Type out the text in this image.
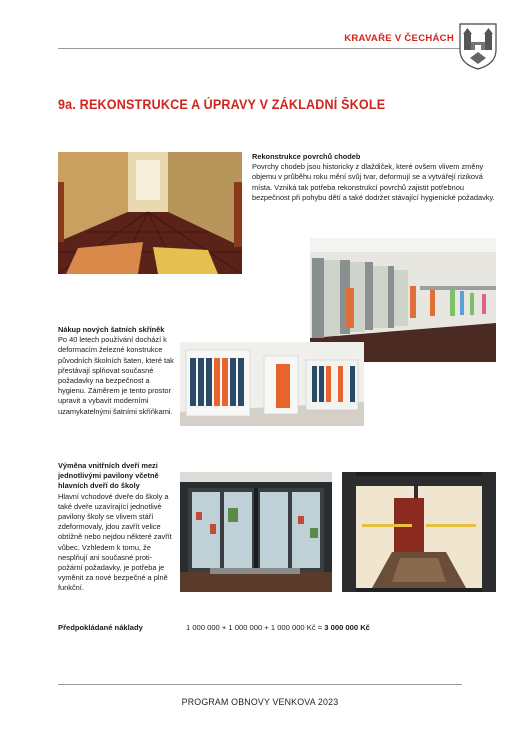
KRAVAŘE V ČECHÁCH
9a. REKONSTRUKCE A ÚPRAVY V ZÁKLADNÍ ŠKOLE
Rekonstrukce povrchů chodeb
Povrchy chodeb jsou historicky z dlaždiček, které ovšem vlivem změny objemu v průběhu roku mění svůj tvar, deformují se a vytvářejí riziková místa. Vzniká tak potřeba rekonstrukcí povrchů zajistit potřebnou bezpečnost při pohybu dětí a také dodržet stávající hygienické požadavky.
Nákup nových šatních skříněk
Po 40 letech používání dochází k deformacím železné konstrukce původních školních šaten, které tak přestávají splňovat současné požadavky na bezpečnost a hygienu. Záměrem je tento prostor upravit a vybavit moderními uzamykatelnými šatními skříňkami.
Výměna vnitřních dveří mezi jednotlivými pavilony včetně hlavních dveří do školy
Hlavní vchodové dveře do školy a také dveře uzavírající jednotlivé pavilony školy se vlivem stáří zdeformovaly, jdou zavřít velice obtížně nebo nejdou některé zavřít vůbec. Vzhledem k tomu, že nesplňují ani současné proti-požární požadavky, je potřeba je vyměnit za nové bezpečné a plně funkční.
Předpokládané náklady	1 000 000 + 1 000 000 + 1 000 000 Kč = 3 000 000 Kč
PROGRAM OBNOVY VENKOVA 2023
